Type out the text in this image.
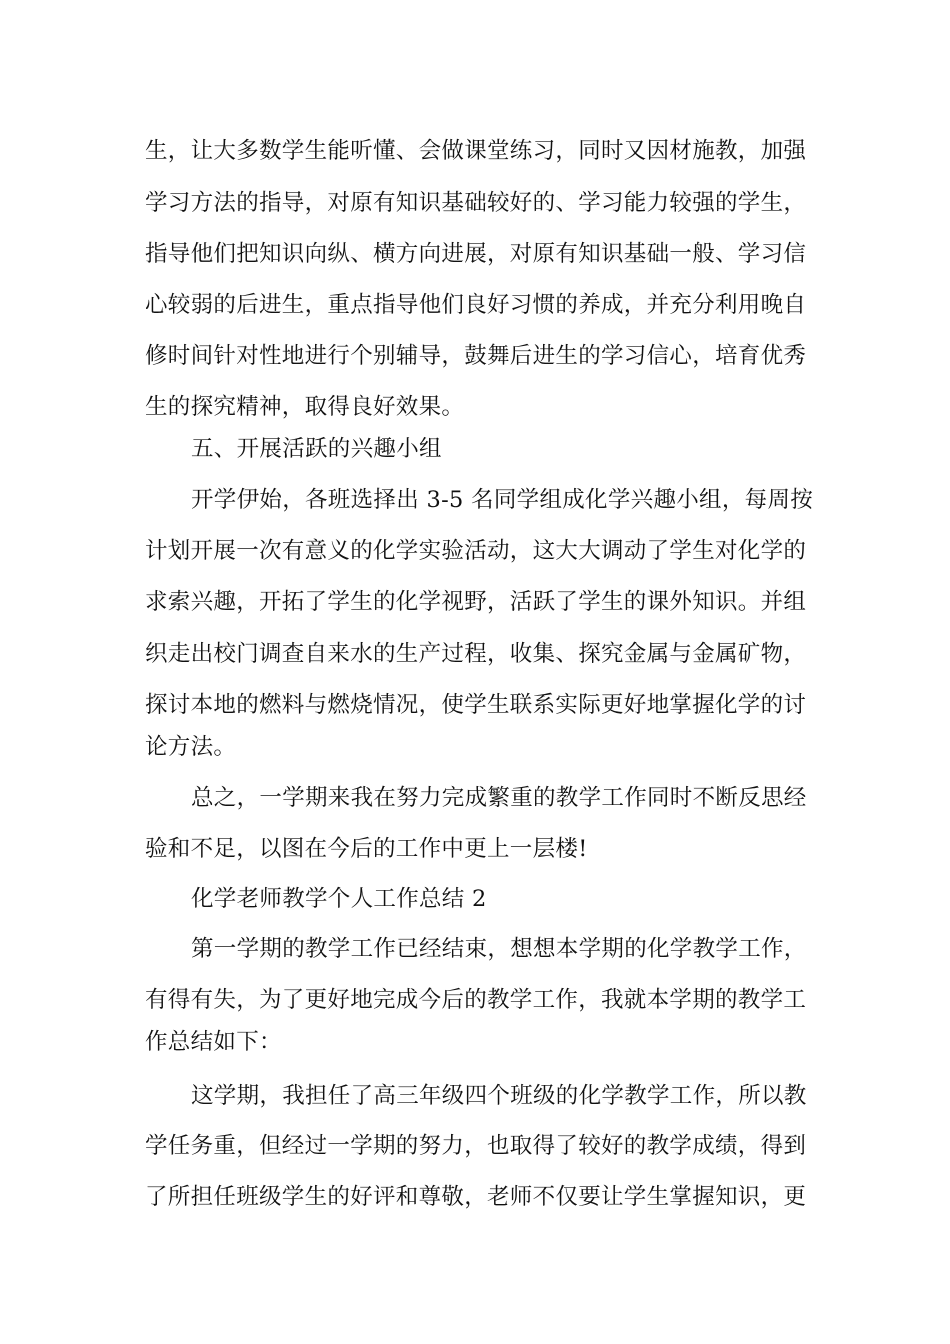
生，让大多数学生能听懂、会做课堂练习，同时又因材施教，加强
学习方法的指导，对原有知识基础较好的、学习能力较强的学生，
指导他们把知识向纵、横方向进展，对原有知识基础一般、学习信
心较弱的后进生，重点指导他们良好习惯的养成，并充分利用晚自
修时间针对性地进行个别辅导，鼓舞后进生的学习信心，培育优秀
生的探究精神，取得良好效果。
五、开展活跃的兴趣小组
开学伊始，各班选择出 3-5 名同学组成化学兴趣小组，每周按
计划开展一次有意义的化学实验活动，这大大调动了学生对化学的
求索兴趣，开拓了学生的化学视野，活跃了学生的课外知识。并组
织走出校门调查自来水的生产过程，收集、探究金属与金属矿物，
探讨本地的燃料与燃烧情况，使学生联系实际更好地掌握化学的讨
论方法。
总之，一学期来我在努力完成繁重的教学工作同时不断反思经
验和不足，以图在今后的工作中更上一层楼!
化学老师教学个人工作总结 2
第一学期的教学工作已经结束，想想本学期的化学教学工作，
有得有失，为了更好地完成今后的教学工作，我就本学期的教学工
作总结如下：
这学期，我担任了高三年级四个班级的化学教学工作，所以教
学任务重，但经过一学期的努力，也取得了较好的教学成绩，得到
了所担任班级学生的好评和尊敬，老师不仅要让学生掌握知识，更
